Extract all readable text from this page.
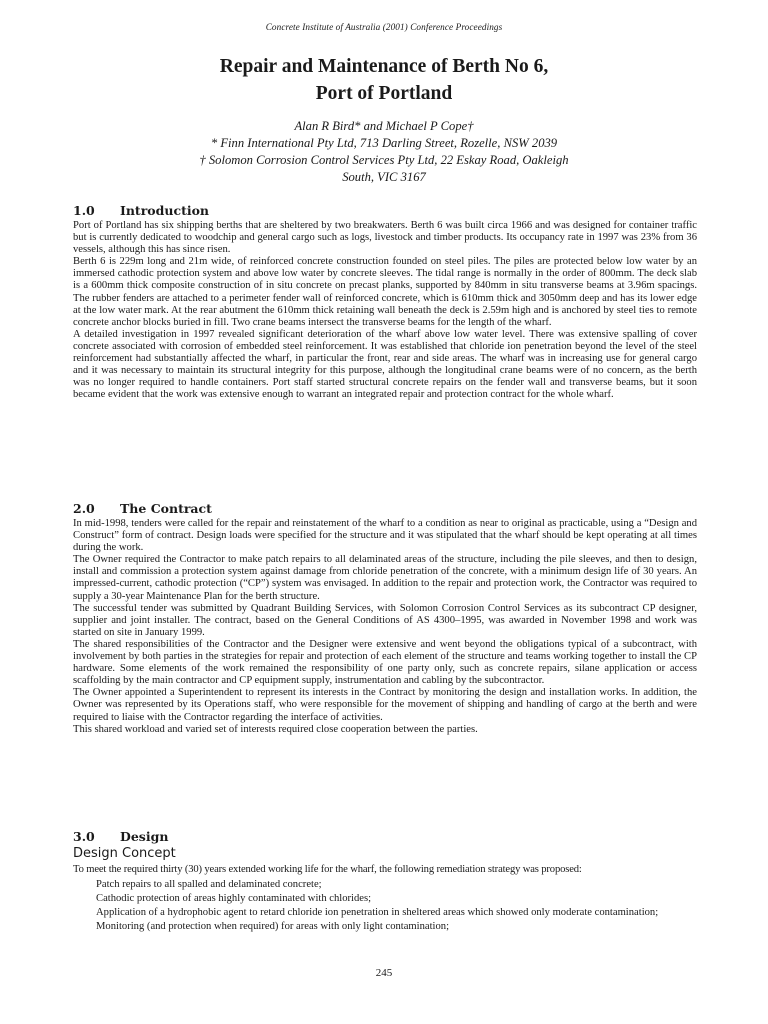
Concrete Institute of Australia (2001) Conference Proceedings
Repair and Maintenance of Berth No 6,
Port of Portland
Alan R Bird* and Michael P Cope†
* Finn International Pty Ltd, 713 Darling Street, Rozelle, NSW 2039
† Solomon Corrosion Control Services Pty Ltd, 22 Eskay Road, Oakleigh
South, VIC 3167
1.0 Introduction

Port of Portland has six shipping berths that are sheltered by two breakwaters. Berth 6 was built circa 1966 and was designed for container traffic but is currently dedicated to woodchip and general cargo such as logs, livestock and timber products. Its occupancy rate in 1997 was 23% from 36 vessels, although this has since risen.

Berth 6 is 229m long and 21m wide, of reinforced concrete construction founded on steel piles. The piles are protected below low water by an immersed cathodic protection system and above low water by concrete sleeves. The tidal range is normally in the order of 800mm. The deck slab is a 600mm thick composite construction of in situ concrete on precast planks, supported by 840mm in situ transverse beams at 3.96m spacings. The rubber fenders are attached to a perimeter fender wall of reinforced concrete, which is 610mm thick and 3050mm deep and has its lower edge at the low water mark. At the rear abutment the 610mm thick retaining wall beneath the deck is 2.59m high and is anchored by steel ties to remote concrete anchor blocks buried in fill. Two crane beams intersect the transverse beams for the length of the wharf.

A detailed investigation in 1997 revealed significant deterioration of the wharf above low water level. There was extensive spalling of cover concrete associated with corrosion of embedded steel reinforcement. It was established that chloride ion penetration beyond the level of the steel reinforcement had substantially affected the wharf, in particular the front, rear and side areas. The wharf was in increasing use for general cargo and it was necessary to maintain its structural integrity for this purpose, although the longitudinal crane beams were of no concern, as the berth was no longer required to handle containers. Port staff started structural concrete repairs on the fender wall and transverse beams, but it soon became evident that the work was extensive enough to warrant an integrated repair and protection contract for the whole wharf.

2.0 The Contract

In mid-1998, tenders were called for the repair and reinstatement of the wharf to a condition as near to original as practicable, using a “Design and Construct” form of contract. Design loads were specified for the structure and it was stipulated that the wharf should be kept operating at all times during the work.

The Owner required the Contractor to make patch repairs to all delaminated areas of the structure, including the pile sleeves, and then to design, install and commission a protection system against damage from chloride penetration of the concrete, with a minimum design life of 30 years. An impressed-current, cathodic protection (“CP”) system was envisaged. In addition to the repair and protection work, the Contractor was required to supply a 30-year Maintenance Plan for the berth structure.

The successful tender was submitted by Quadrant Building Services, with Solomon Corrosion Control Services as its subcontract CP designer, supplier and joint installer. The contract, based on the General Conditions of AS 4300–1995, was awarded in November 1998 and work was started on site in January 1999.

The shared responsibilities of the Contractor and the Designer were extensive and went beyond the obligations typical of a subcontract, with involvement by both parties in the strategies for repair and protection of each element of the structure and teams working together to install the CP hardware. Some elements of the work remained the responsibility of one party only, such as concrete repairs, silane application or access scaffolding by the main contractor and CP equipment supply, instrumentation and cabling by the subcontractor.

The Owner appointed a Superintendent to represent its interests in the Contract by monitoring the design and installation works. In addition, the Owner was represented by its Operations staff, who were responsible for the movement of shipping and handling of cargo at the berth and were required to liaise with the Contractor regarding the interface of activities.

This shared workload and varied set of interests required close cooperation between the parties.

3.0 Design
Design Concept
To meet the required thirty (30) years extended working life for the wharf, the following remediation strategy was proposed:
Patch repairs to all spalled and delaminated concrete;
Cathodic protection of areas highly contaminated with chlorides;
Application of a hydrophobic agent to retard chloride ion penetration in sheltered areas which showed only moderate contamination;
Monitoring (and protection when required) for areas with only light contamination;
245
